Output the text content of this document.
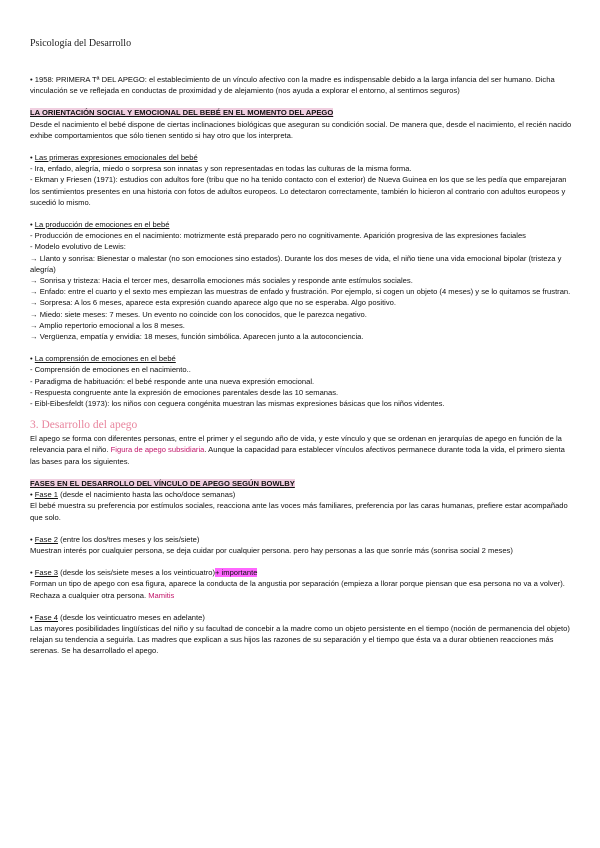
Psicología del Desarrollo

• 1958: PRIMERA Tª DEL APEGO: el establecimiento de un vínculo afectivo con la madre es indispensable debido a la larga infancia del ser humano. Dicha vinculación se ve reflejada en conductas de proximidad y de alejamiento (nos ayuda a explorar el entorno, al sentirnos seguros)

LA ORIENTACIÓN SOCIAL Y EMOCIONAL DEL BEBÉ EN EL MOMENTO DEL APEGO

Desde el nacimiento el bebé dispone de ciertas inclinaciones biológicas que aseguran su condición social. De manera que, desde el nacimiento, el recién nacido exhibe comportamientos que sólo tienen sentido si hay otro que los interpreta.

• Las primeras expresiones emocionales del bebé

- Ira, enfado, alegría, miedo o sorpresa son innatas y son representadas en todas las culturas de la misma forma.

- Ekman y Friesen (1971): estudios con adultos fore (tribu que no ha tenido contacto con el exterior) de Nueva Guinea en los que se les pedía que emparejaran los sentimientos presentes en una historia con fotos de adultos europeos. Lo detectaron correctamente, también lo hicieron al contrario con adultos europeos y sucedió lo mismo.

• La producción de emociones en el bebé

- Producción de emociones en el nacimiento: motrizmente está preparado pero no cognitivamente. Aparición progresiva de las expresiones faciales

- Modelo evolutivo de Lewis:

→ Llanto y sonrisa: Bienestar o malestar (no son emociones sino estados). Durante los dos meses de vida, el niño tiene una vida emocional bipolar (tristeza y alegría)

→ Sonrisa y tristeza: Hacia el tercer mes, desarrolla emociones más sociales y responde ante estímulos sociales.

→ Enfado: entre el cuarto y el sexto mes empiezan las muestras de enfado y frustración. Por ejemplo, si cogen un objeto (4 meses) y se lo quitamos se frustran.

→ Sorpresa: A los 6 meses, aparece esta expresión cuando aparece algo que no se esperaba. Algo positivo.

→ Miedo: siete meses: 7 meses. Un evento no coincide con los conocidos, que le parezca negativo.

→ Amplio repertorio emocional a los 8 meses.

→ Vergüenza, empatía y envidia: 18 meses, función simbólica. Aparecen junto a la autoconciencia.

• La comprensión de emociones en el bebé

- Comprensión de emociones en el nacimiento..

- Paradigma de habituación: el bebé responde ante una nueva expresión emocional.

- Respuesta congruente ante la expresión de emociones parentales desde las 10 semanas.

- Eibl-Eibesfeldt (1973): los niños con ceguera congénita muestran las mismas expresiones básicas que los niños videntes.

3. Desarrollo del apego

El apego se forma con diferentes personas, entre el primer y el segundo año de vida, y este vínculo y que se ordenan en jerarquías de apego en función de la relevancia para el niño. Figura de apego subsidiaria. Aunque la capacidad para establecer vínculos afectivos permanece durante toda la vida, el primero sienta las bases para los siguientes.

FASES EN EL DESARROLLO DEL VÍNCULO DE APEGO SEGÚN BOWLBY

• Fase 1 (desde el nacimiento hasta las ocho/doce semanas)

El bebé muestra su preferencia por estímulos sociales, reacciona ante las voces más familiares, preferencia por las caras humanas, prefiere estar acompañado que solo.

• Fase 2 (entre los dos/tres meses y los seis/siete)

Muestran interés por cualquier persona, se deja cuidar por cualquier persona. pero hay personas a las que sonríe más (sonrisa social 2 meses)

• Fase 3 (desde los seis/siete meses a los veinticuatro)+ importante

Forman un tipo de apego con esa figura, aparece la conducta de la angustia por separación (empieza a llorar porque piensan que esa persona no va a volver). Rechaza a cualquier otra persona. Mamitis

• Fase 4 (desde los veinticuatro meses en adelante)

Las mayores posibilidades lingüísticas del niño y su facultad de concebir a la madre como un objeto persistente en el tiempo (noción de permanencia del objeto) relajan su tendencia a seguirla. Las madres que explican a sus hijos las razones de su separación y el tiempo que ésta va a durar obtienen reacciones más serenas. Se ha desarrollado el apego.
